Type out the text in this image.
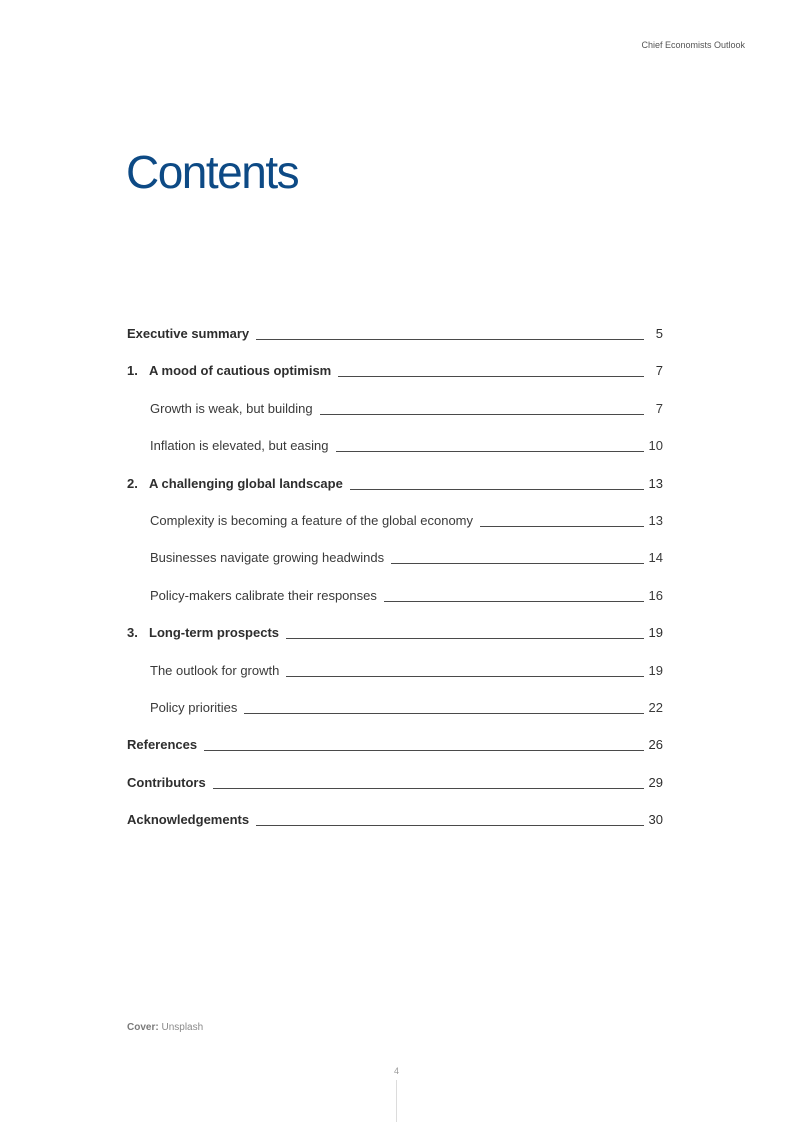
Chief Economists Outlook
Contents
Executive summary	5
1. A mood of cautious optimism	7
Growth is weak, but building	7
Inflation is elevated, but easing	10
2. A challenging global landscape	13
Complexity is becoming a feature of the global economy	13
Businesses navigate growing headwinds	14
Policy-makers calibrate their responses	16
3. Long-term prospects	19
The outlook for growth	19
Policy priorities	22
References	26
Contributors	29
Acknowledgements	30
Cover: Unsplash
4
